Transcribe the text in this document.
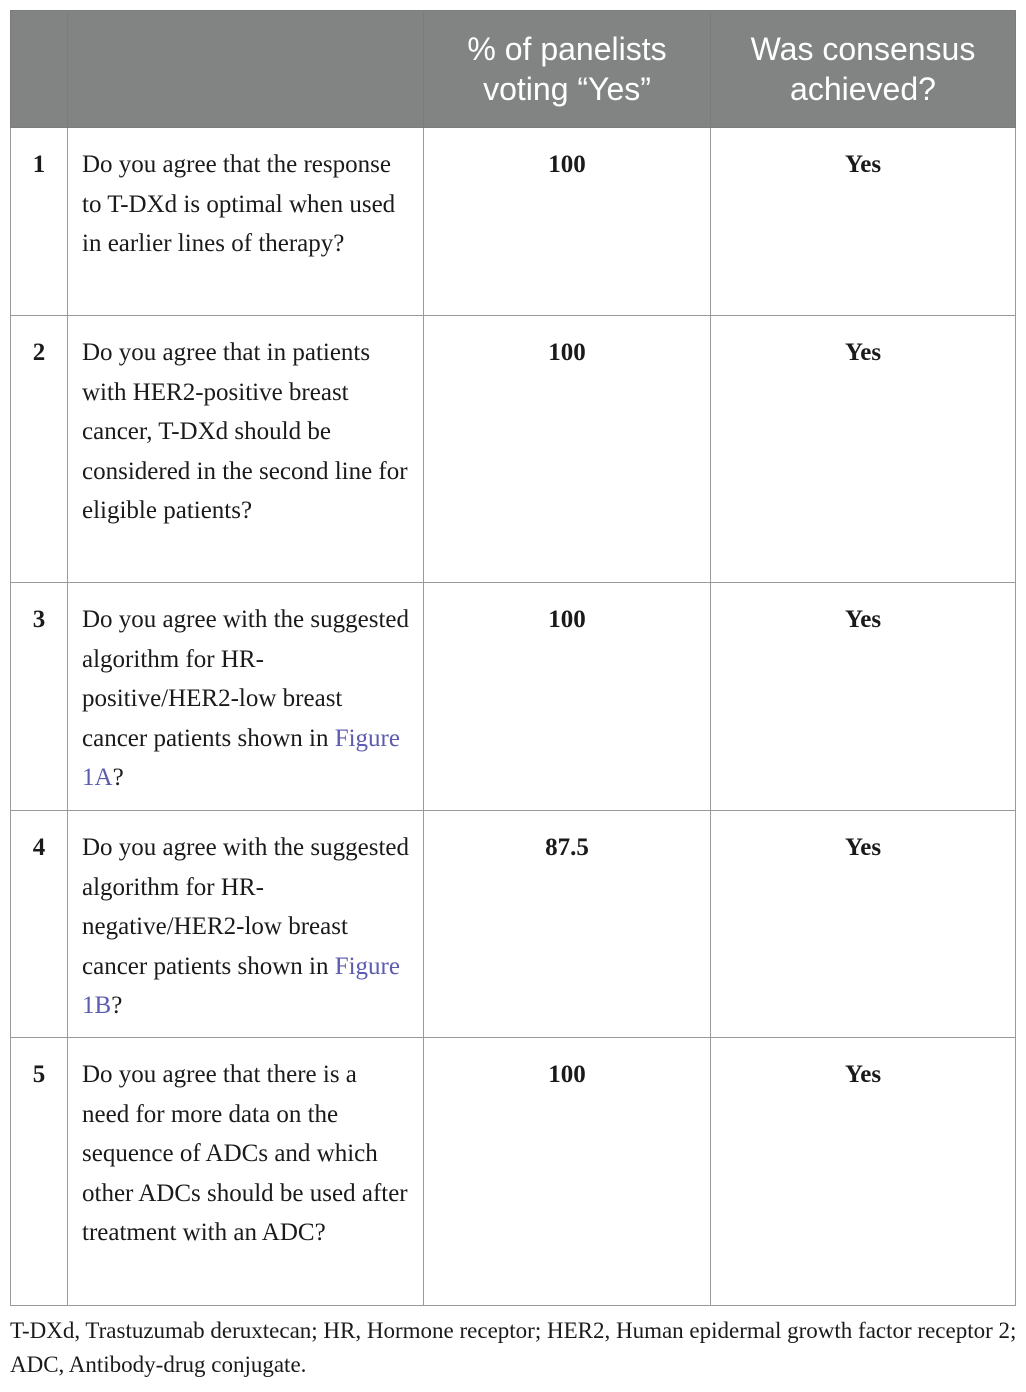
		% of panelists voting “Yes”	Was consensus achieved?
1	Do you agree that the response to T-DXd is optimal when used in earlier lines of therapy?	100	Yes
2	Do you agree that in patients with HER2-positive breast cancer, T-DXd should be considered in the second line for eligible patients?	100	Yes
3	Do you agree with the suggested algorithm for HR-positive/HER2-low breast cancer patients shown in Figure 1A?	100	Yes
4	Do you agree with the suggested algorithm for HR-negative/HER2-low breast cancer patients shown in Figure 1B?	87.5	Yes
5	Do you agree that there is a need for more data on the sequence of ADCs and which other ADCs should be used after treatment with an ADC?	100	Yes
T-DXd, Trastuzumab deruxtecan; HR, Hormone receptor; HER2, Human epidermal growth factor receptor 2; ADC, Antibody-drug conjugate.
